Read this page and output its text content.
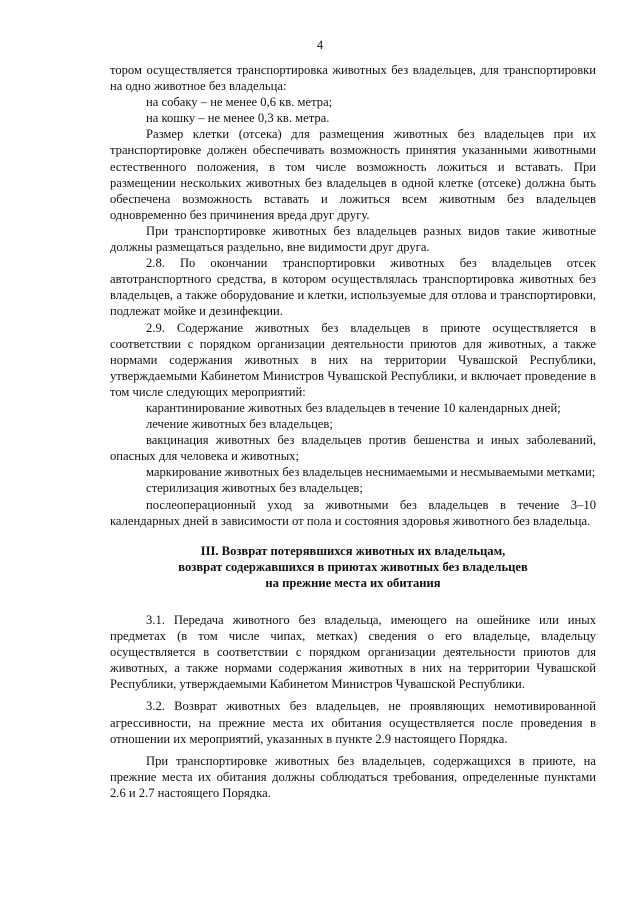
4

тором осуществляется транспортировка животных без владельцев, для транспортировки на одно животное без владельца:

на собаку – не менее 0,6 кв. метра;

на кошку – не менее 0,3 кв. метра.

Размер клетки (отсека) для размещения животных без владельцев при их транспортировке должен обеспечивать возможность принятия указанными животными естественного положения, в том числе возможность ложиться и вставать. При размещении нескольких животных без владельцев в одной клетке (отсеке) должна быть обеспечена возможность вставать и ложиться всем животным без владельцев одновременно без причинения вреда друг другу.

При транспортировке животных без владельцев разных видов такие животные должны размещаться раздельно, вне видимости друг друга.

2.8. По окончании транспортировки животных без владельцев отсек автотранспортного средства, в котором осуществлялась транспортировка животных без владельцев, а также оборудование и клетки, используемые для отлова и транспортировки, подлежат мойке и дезинфекции.

2.9. Содержание животных без владельцев в приюте осуществляется в соответствии с порядком организации деятельности приютов для животных, а также нормами содержания животных в них на территории Чувашской Республики, утверждаемыми Кабинетом Министров Чувашской Республики, и включает проведение в том числе следующих мероприятий:

карантинирование животных без владельцев в течение 10 календарных дней;

лечение животных без владельцев;

вакцинация животных без владельцев против бешенства и иных заболеваний, опасных для человека и животных;

маркирование животных без владельцев неснимаемыми и несмываемыми метками;

стерилизация животных без владельцев;

послеоперационный уход за животными без владельцев в течение 3–10 календарных дней в зависимости от пола и состояния здоровья животного без владельца.

III. Возврат потерявшихся животных их владельцам,
возврат содержавшихся в приютах животных без владельцев
на прежние места их обитания

3.1. Передача животного без владельца, имеющего на ошейнике или иных предметах (в том числе чипах, метках) сведения о его владельце, владельцу осуществляется в соответствии с порядком организации деятельности приютов для животных, а также нормами содержания животных в них на территории Чувашской Республики, утверждаемыми Кабинетом Министров Чувашской Республики.

3.2. Возврат животных без владельцев, не проявляющих немотивированной агрессивности, на прежние места их обитания осуществляется после проведения в отношении их мероприятий, указанных в пункте 2.9 настоящего Порядка.

При транспортировке животных без владельцев, содержащихся в приюте, на прежние места их обитания должны соблюдаться требования, определенные пунктами 2.6 и 2.7 настоящего Порядка.
